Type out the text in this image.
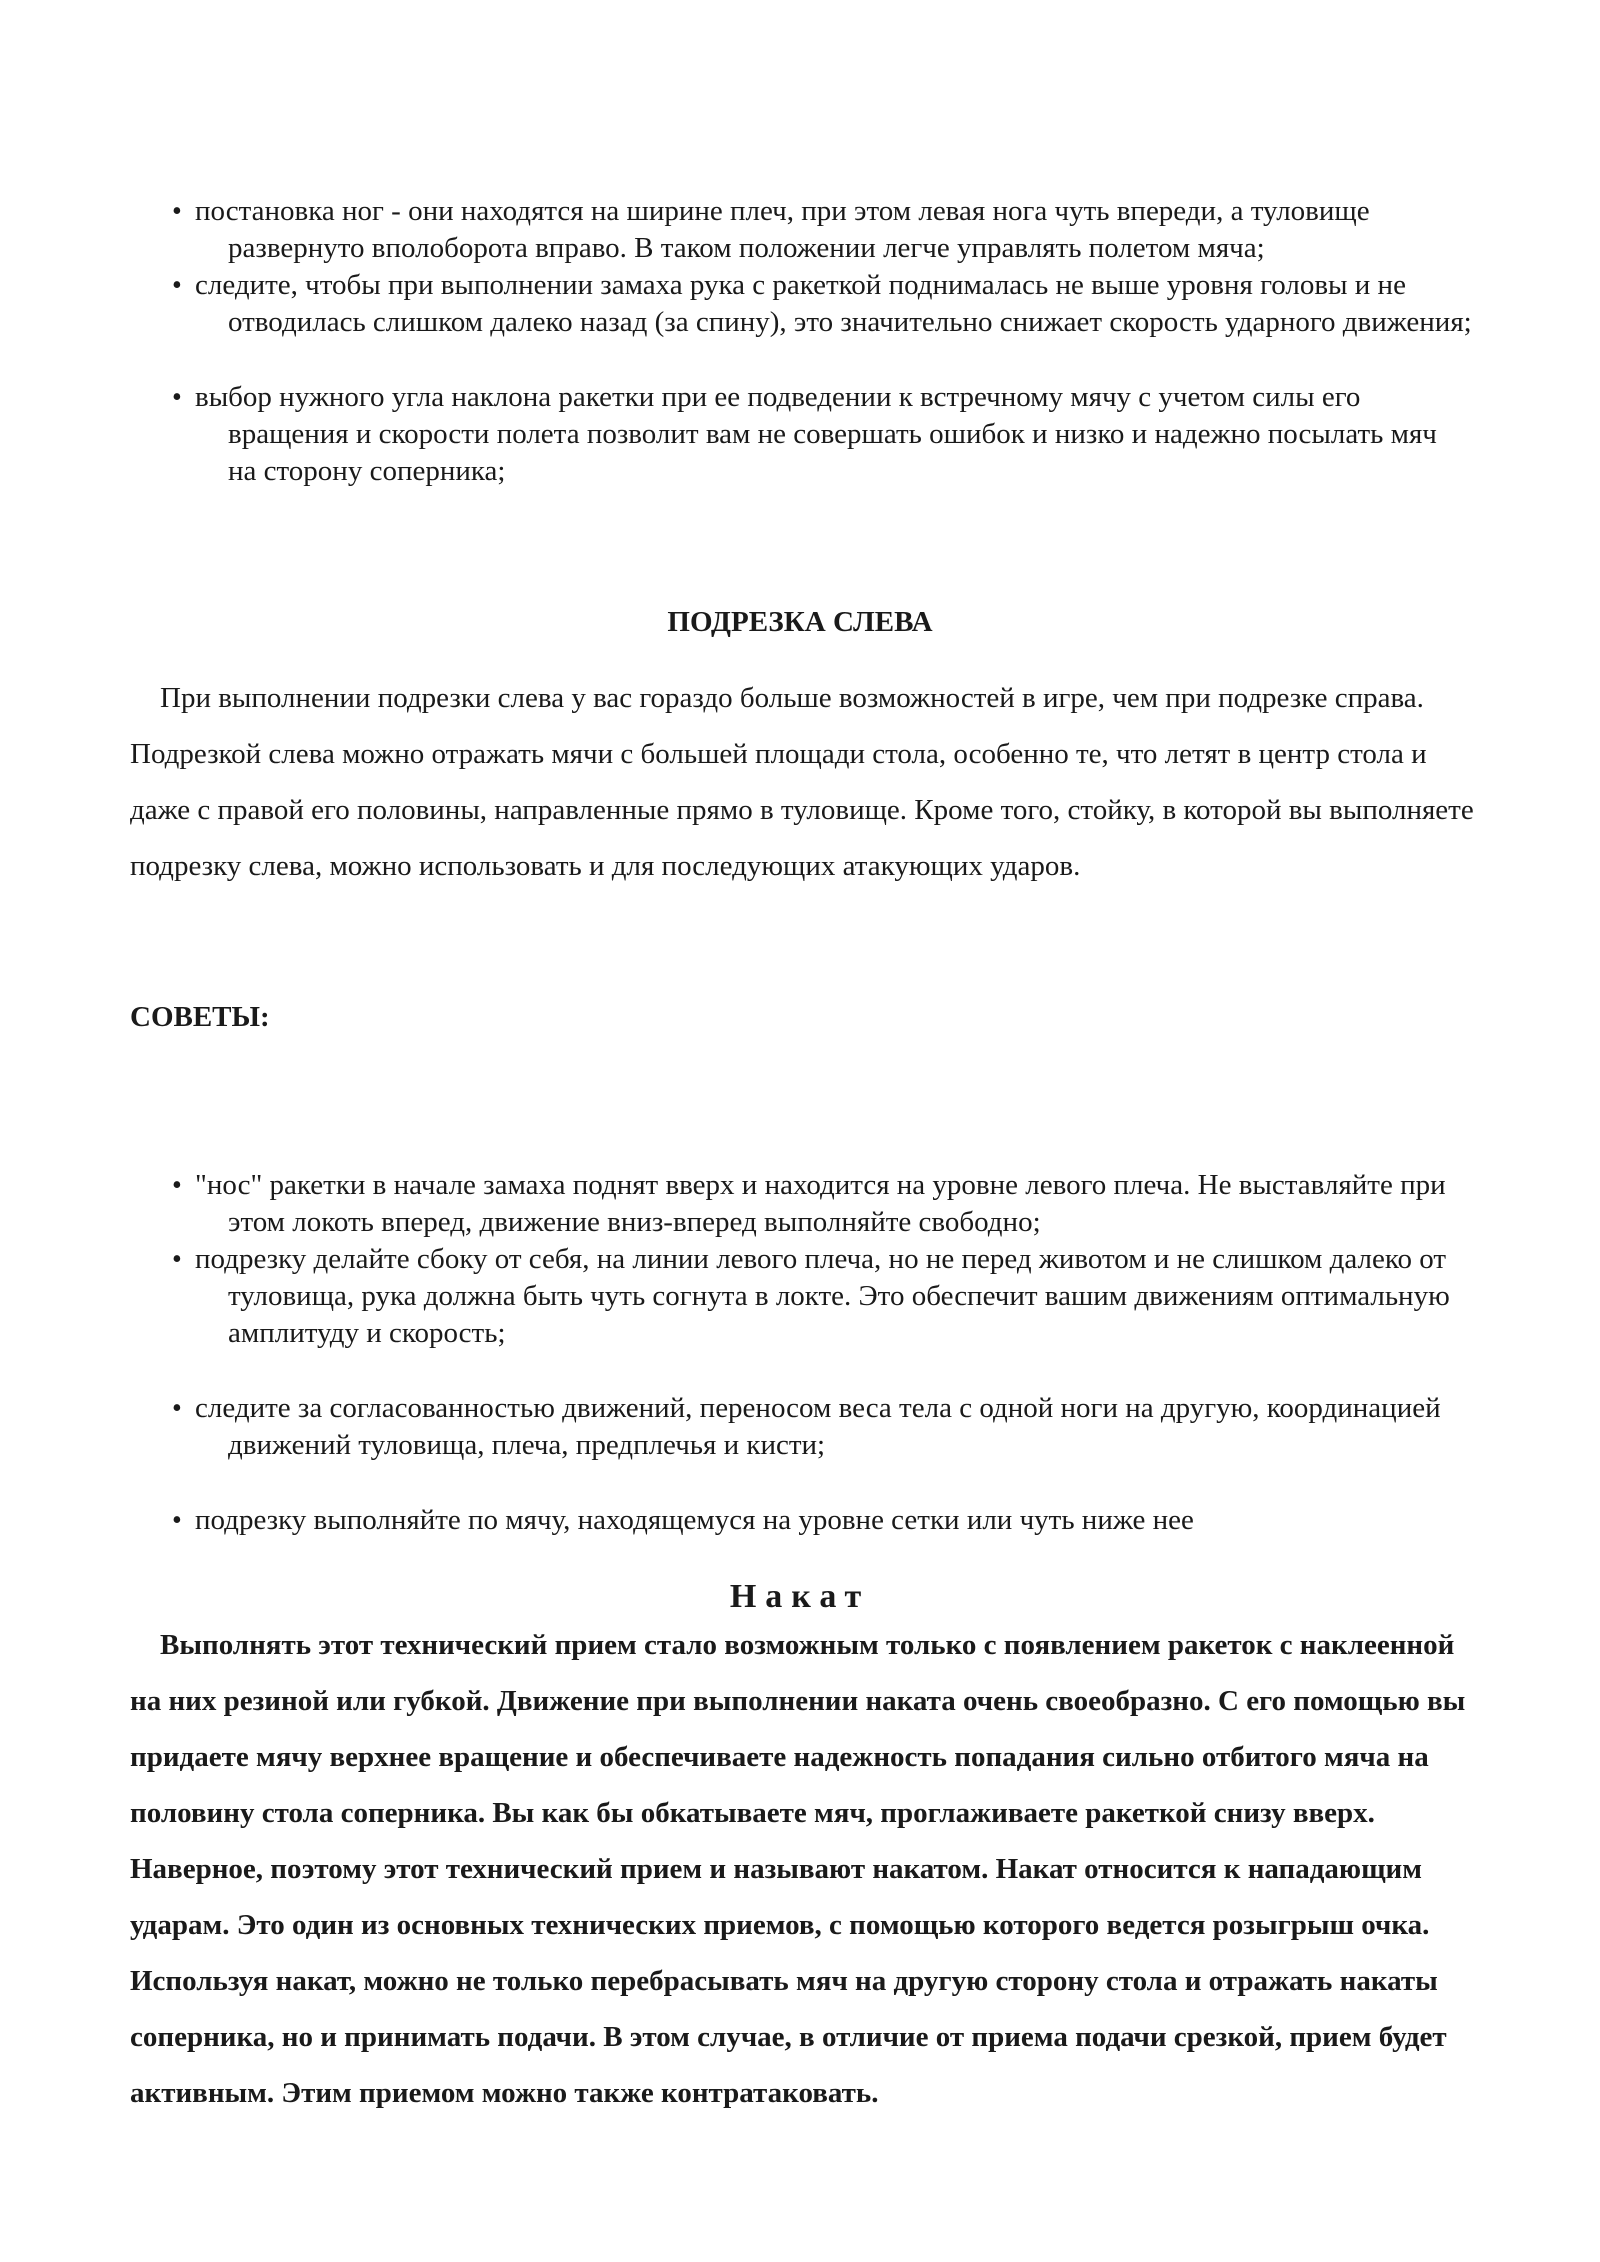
• постановка ног - они находятся на ширине плеч, при этом левая нога чуть впереди, а туловище развернуто вполоборота вправо. В таком положении легче управлять полетом мяча;
• следите, чтобы при выполнении замаха рука с ракеткой поднималась не выше уровня головы и не отводилась слишком далеко назад (за спину), это значительно снижает скорость ударного движения;
• выбор нужного угла наклона ракетки при ее подведении к встречному мячу с учетом силы его вращения и скорости полета позволит вам не совершать ошибок и низко и надежно посылать мяч на сторону соперника;
ПОДРЕЗКА СЛЕВА

При выполнении подрезки слева у вас гораздо больше возможностей в игре, чем при подрезке справа. Подрезкой слева можно отражать мячи с большей площади стола, особенно те, что летят в центр стола и даже с правой его половины, направленные прямо в туловище. Кроме того, стойку, в которой вы выполняете подрезку слева, можно использовать и для последующих атакующих ударов.

СОВЕТЫ:
• "нос" ракетки в начале замаха поднят вверх и находится на уровне левого плеча. Не выставляйте при этом локоть вперед, движение вниз-вперед выполняйте свободно;
• подрезку делайте сбоку от себя, на линии левого плеча, но не перед животом и не слишком далеко от туловища, рука должна быть чуть согнута в локте. Это обеспечит вашим движениям оптимальную амплитуду и скорость;
• следите за согласованностью движений, переносом веса тела с одной ноги на другую, координацией движений туловища, плеча, предплечья и кисти;
• подрезку выполняйте по мячу, находящемуся на уровне сетки или чуть ниже нее
Накат

Выполнять этот технический прием стало возможным только с появлением ракеток с наклеенной на них резиной или губкой. Движение при выполнении наката очень своеобразно. С его помощью вы придаете мячу верхнее вращение и обеспечиваете надежность попадания сильно отбитого мяча на половину стола соперника. Вы как бы обкатываете мяч, проглаживаете ракеткой снизу вверх. Наверное, поэтому этот технический прием и называют накатом. Накат относится к нападающим ударам. Это один из основных технических приемов, с помощью которого ведется розыгрыш очка. Используя накат, можно не только перебрасывать мяч на другую сторону стола и отражать накаты соперника, но и принимать подачи. В этом случае, в отличие от приема подачи срезкой, прием будет активным. Этим приемом можно также контратаковать.
